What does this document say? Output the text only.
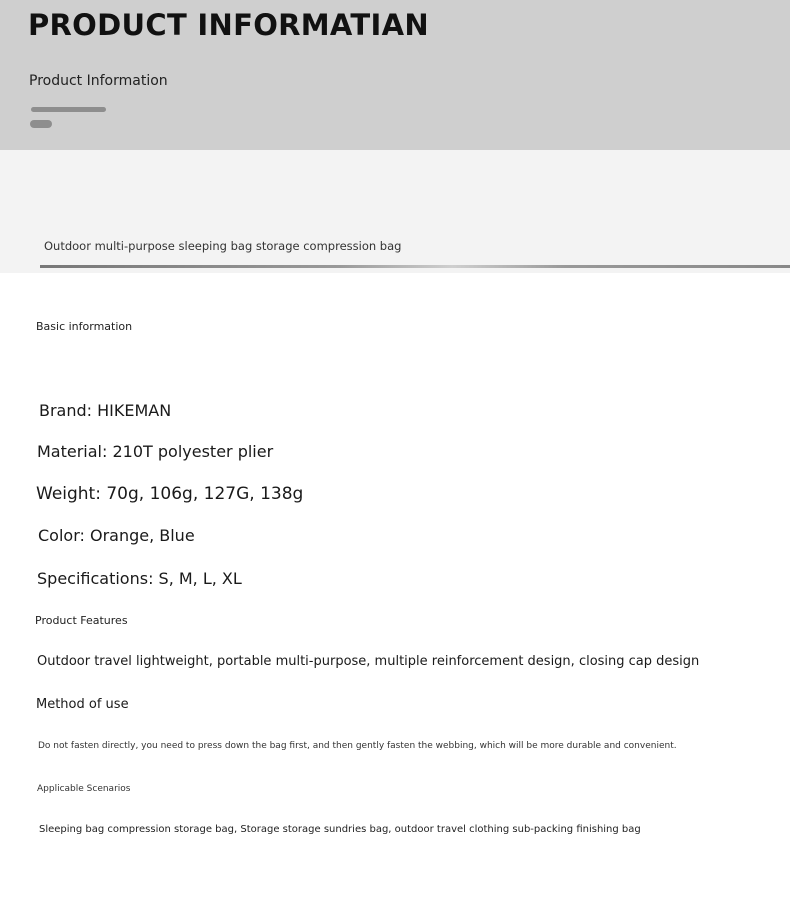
PRODUCT INFORMATIAN
Product Information
Outdoor multi-purpose sleeping bag storage compression bag
Basic information
Brand: HIKEMAN
Material: 210T polyester plier
Weight: 70g, 106g, 127G, 138g
Color: Orange, Blue
Specifications: S, M, L, XL
Product Features
Outdoor travel lightweight, portable multi-purpose, multiple reinforcement design, closing cap design
Method of use
Do not fasten directly, you need to press down the bag first, and then gently fasten the webbing, which will be more durable and convenient.
Applicable Scenarios
Sleeping bag compression storage bag, Storage storage sundries bag, outdoor travel clothing sub-packing finishing bag
